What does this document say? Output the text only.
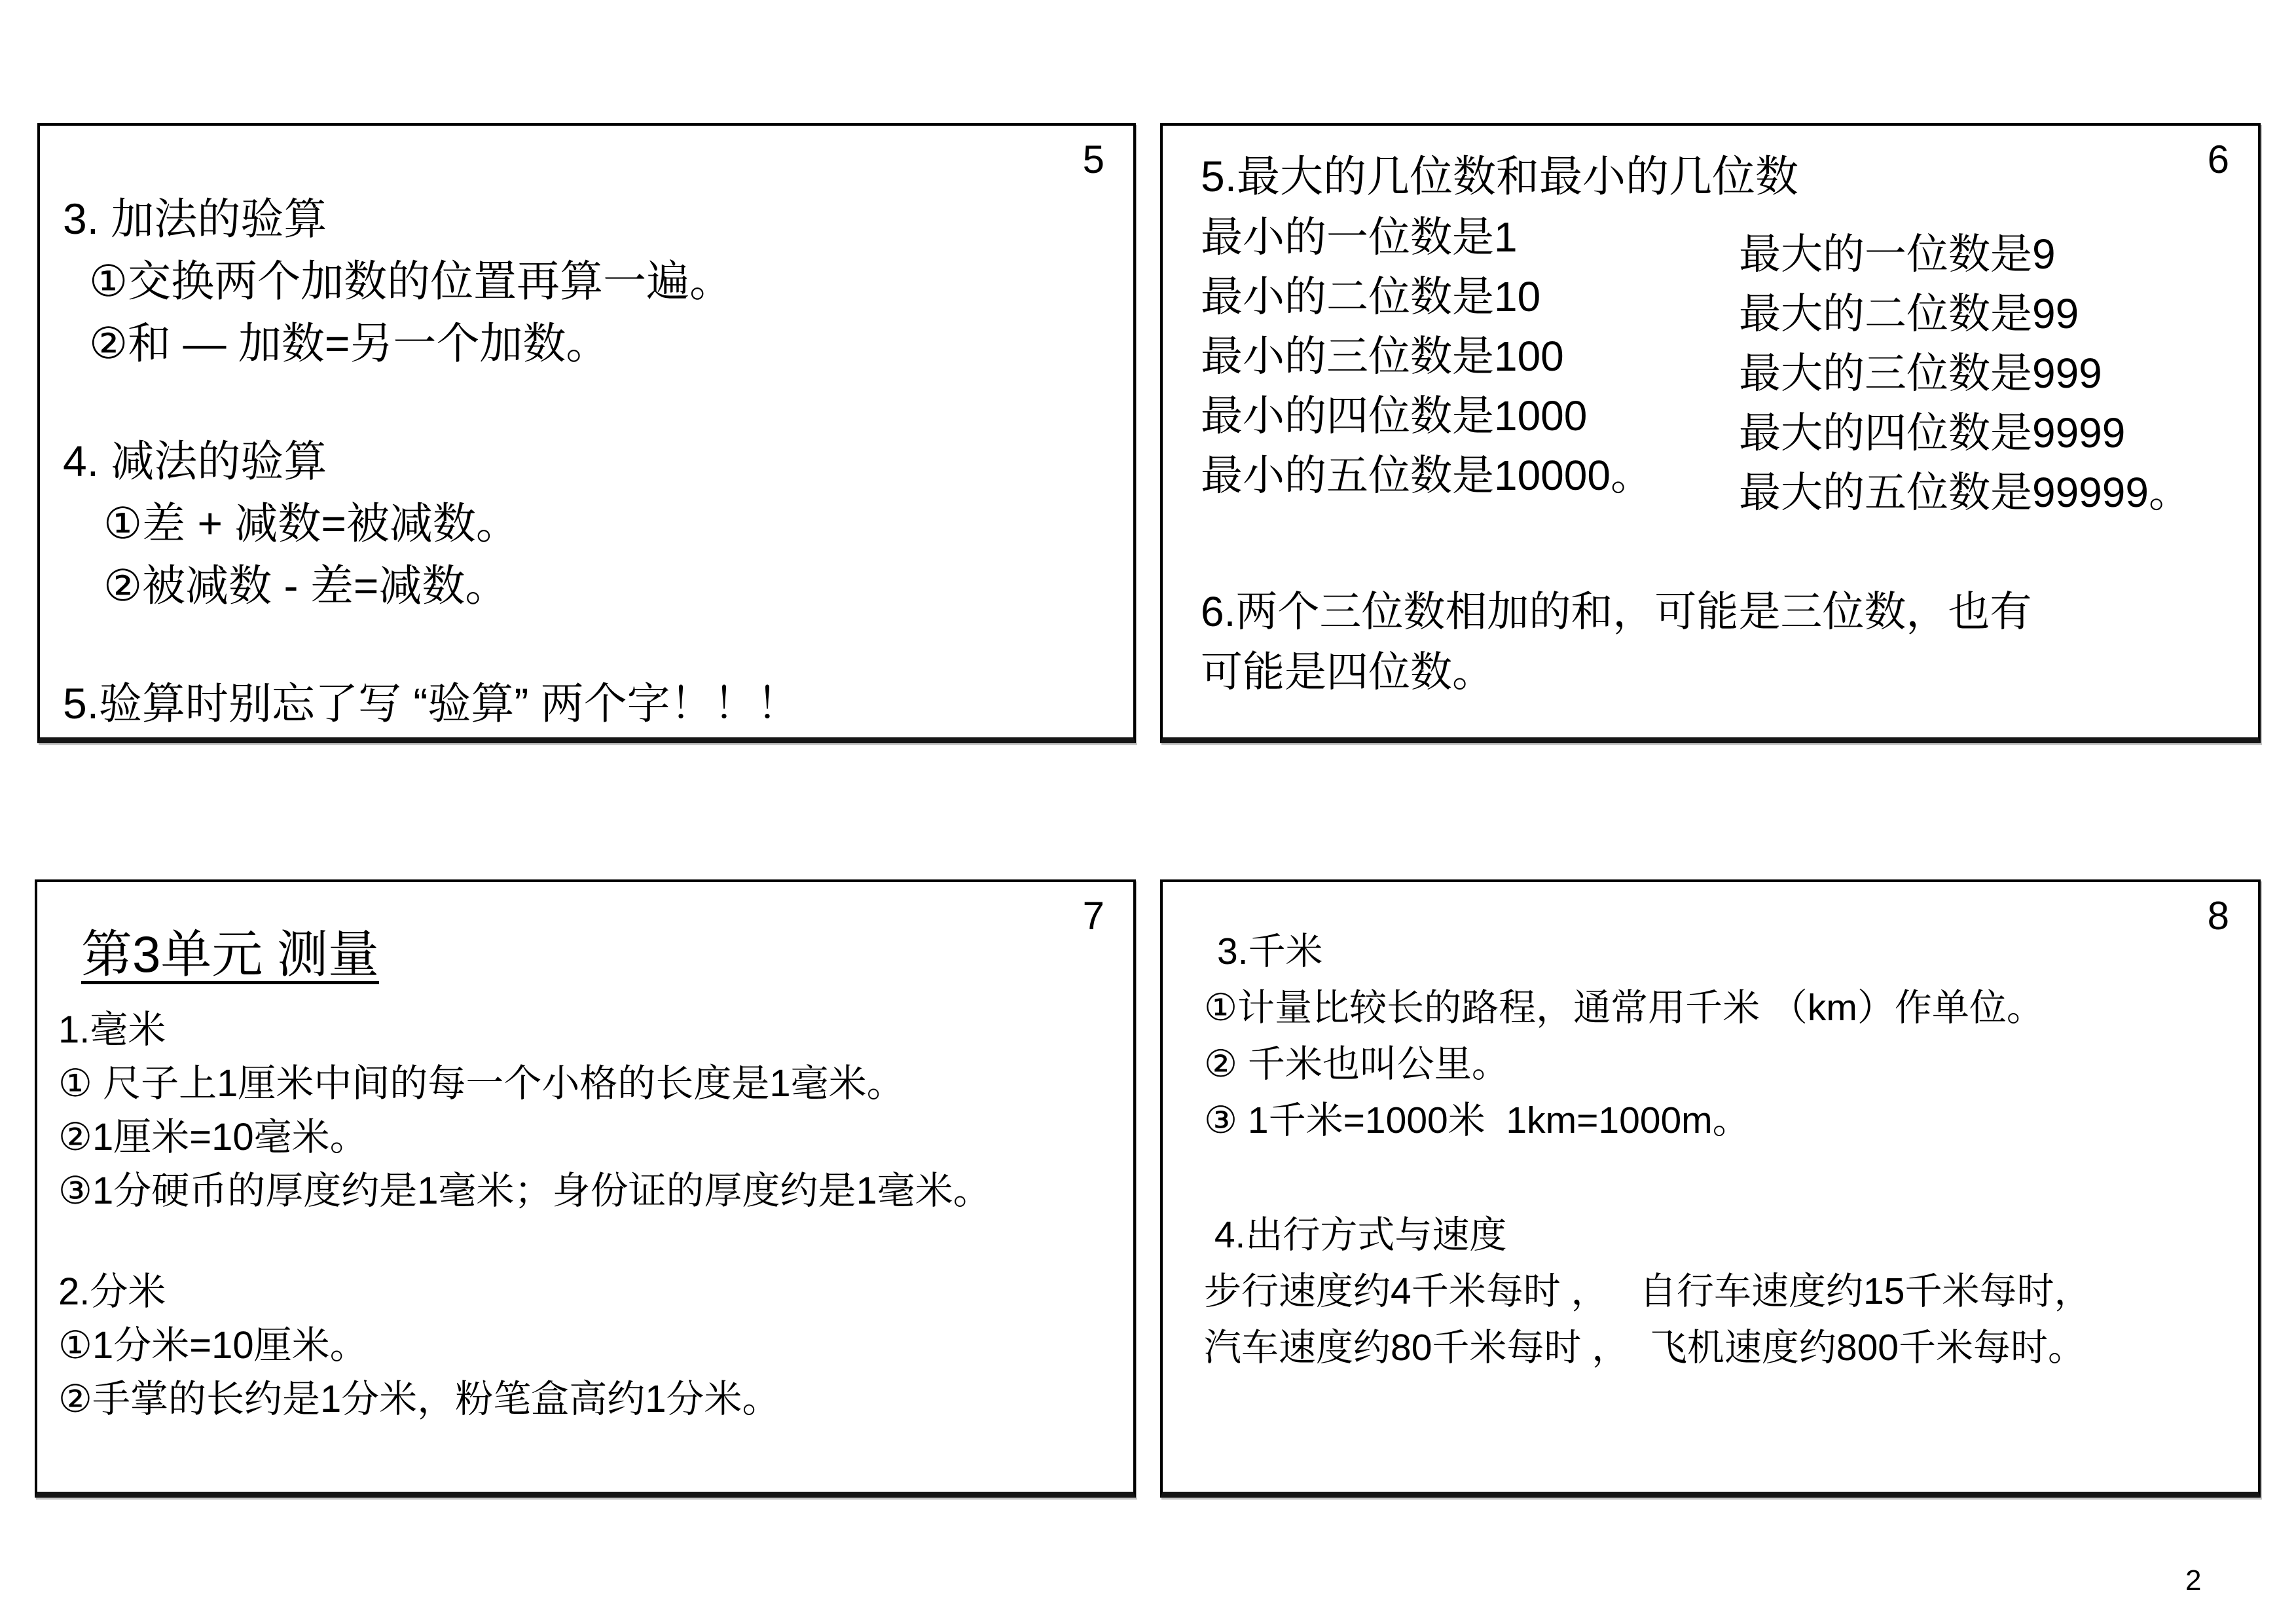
5

3. 加法的验算

①交换两个加数的位置再算一遍。

②和 — 加数=另一个加数。

4. 减法的验算

①差 + 减数=被减数。

②被减数 - 差=减数。

5.验算时别忘了写 “验算” 两个字！！！

6

5.最大的几位数和最小的几位数

最小的一位数是1

最小的二位数是10

最小的三位数是100

最小的四位数是1000

最小的五位数是10000。

最大的一位数是9

最大的二位数是99

最大的三位数是999

最大的四位数是9999

最大的五位数是99999。

6.两个三位数相加的和，可能是三位数，也有

可能是四位数。

7

第3单元 测量

1.毫米

① 尺子上1厘米中间的每一个小格的长度是1毫米。

②1厘米=10毫米。

③1分硬币的厚度约是1毫米；身份证的厚度约是1毫米。

2.分米

①1分米=10厘米。

②手掌的长约是1分米，粉笔盒高约1分米。

8

3.千米

①计量比较长的路程，通常用千米 （km）作单位。

② 千米也叫公里。

③ 1千米=1000米  1km=1000m。

4.出行方式与速度

步行速度约4千米每时 ，   自行车速度约15千米每时，

汽车速度约80千米每时 ，  飞机速度约800千米每时。

2
